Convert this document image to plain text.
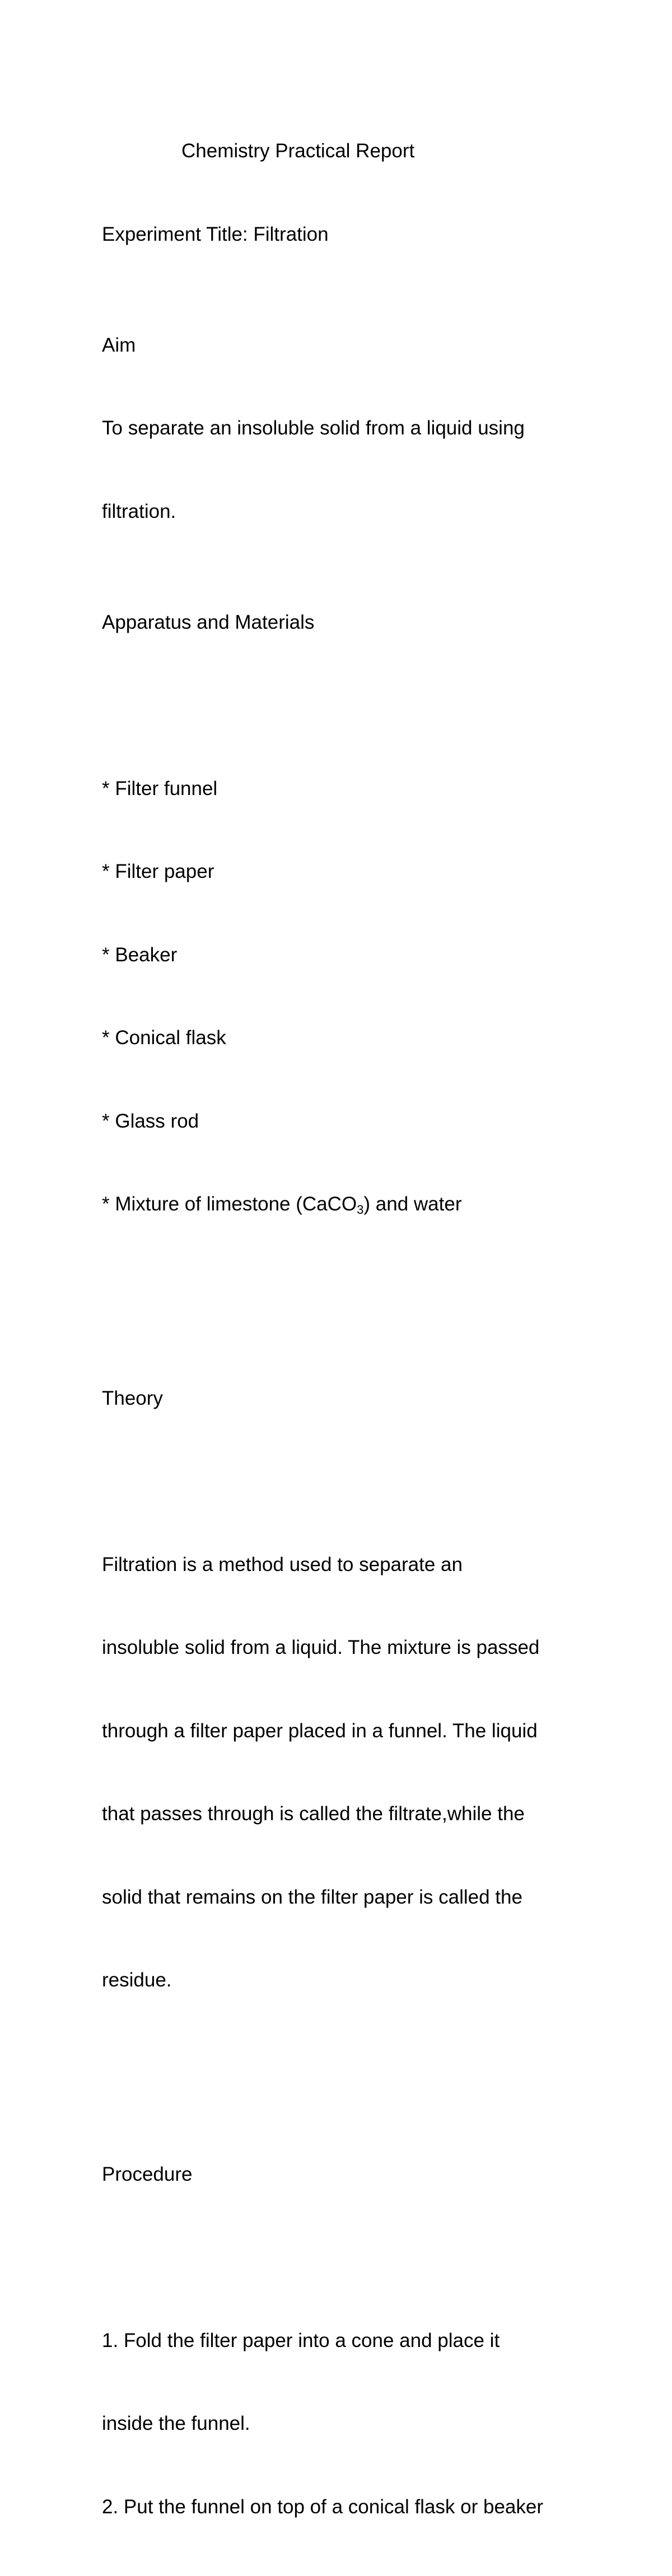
Chemistry Practical Report

Experiment Title: Filtration

Aim

To separate an insoluble solid from a liquid using

filtration.

Apparatus and Materials

* Filter funnel

* Filter paper

* Beaker

* Conical flask

* Glass rod

* Mixture of limestone (CaCO$_3$) and water

Theory

Filtration is a method used to separate an

insoluble solid from a liquid. The mixture is passed

through a filter paper placed in a funnel. The liquid

that passes through is called the filtrate,while the

solid that remains on the filter paper is called the

residue.

Procedure

1. Fold the filter paper into a cone and place it

inside the funnel.

2. Put the funnel on top of a conical flask or beaker
